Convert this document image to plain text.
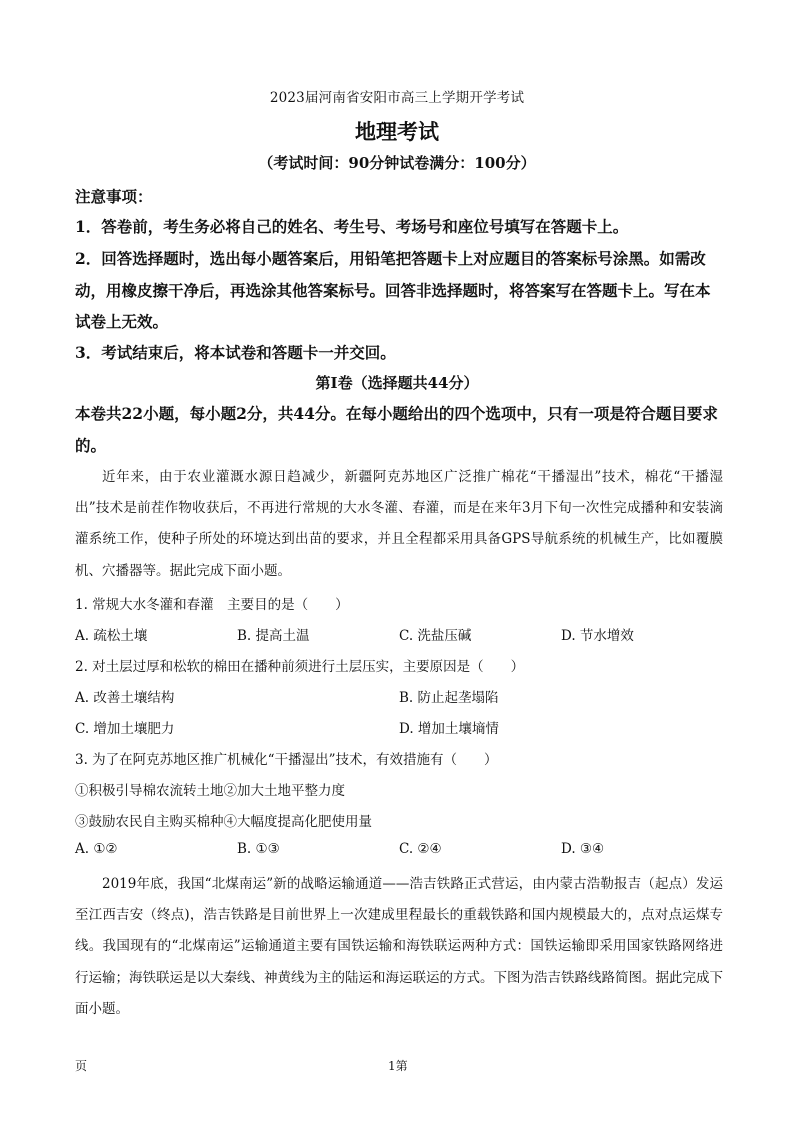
2023届河南省安阳市高三上学期开学考试
地理考试
（考试时间：90分钟试卷满分：100分）
注意事项：

1．答卷前，考生务必将自己的姓名、考生号、考场号和座位号填写在答题卡上。

2．回答选择题时，选出每小题答案后，用铅笔把答题卡上对应题目的答案标号涂黑。如需改动，用橡皮擦干净后，再选涂其他答案标号。回答非选择题时，将答案写在答题卡上。写在本试卷上无效。

3．考试结束后，将本试卷和答题卡一并交回。

第I卷（选择题共44分）

本卷共22小题，每小题2分，共44分。在每小题给出的四个选项中，只有一项是符合题目要求的。

近年来，由于农业灌溉水源日趋减少，新疆阿克苏地区广泛推广棉花“干播湿出”技术，棉花“干播湿出”技术是前茬作物收获后，不再进行常规的大水冬灌、春灌，而是在来年3月下旬一次性完成播种和安装滴灌系统工作，使种子所处的环境达到出苗的要求，并且全程都采用具备GPS导航系统的机械生产，比如覆膜机、穴播器等。据此完成下面小题。

1. 常规大水冬灌和春灌　主要目的是（　　）
A. 疏松土壤	B. 提高土温	C. 洗盐压碱	D. 节水增效
2. 对土层过厚和松软的棉田在播种前须进行土层压实，主要原因是（　　）
A. 改善土壤结构	B. 防止起垄塌陷
C. 增加土壤肥力	D. 增加土壤墒情
3. 为了在阿克苏地区推广机械化“干播湿出”技术，有效措施有（　　）
①积极引导棉农流转土地②加大土地平整力度
③鼓励农民自主购买棉种④大幅度提高化肥使用量
A. ①②	B. ①③	C. ②④	D. ③④

2019年底，我国“北煤南运”新的战略运输通道——浩吉铁路正式营运，由内蒙古浩勒报吉（起点）发运至江西吉安（终点)，浩吉铁路是目前世界上一次建成里程最长的重载铁路和国内规模最大的，点对点运煤专线。我国现有的“北煤南运”运输通道主要有国铁运输和海铁联运两种方式：国铁运输即采用国家铁路网络进行运输；海铁联运是以大秦线、神黄线为主的陆运和海运联运的方式。下图为浩吉铁路线路简图。据此完成下面小题。

页	1第
